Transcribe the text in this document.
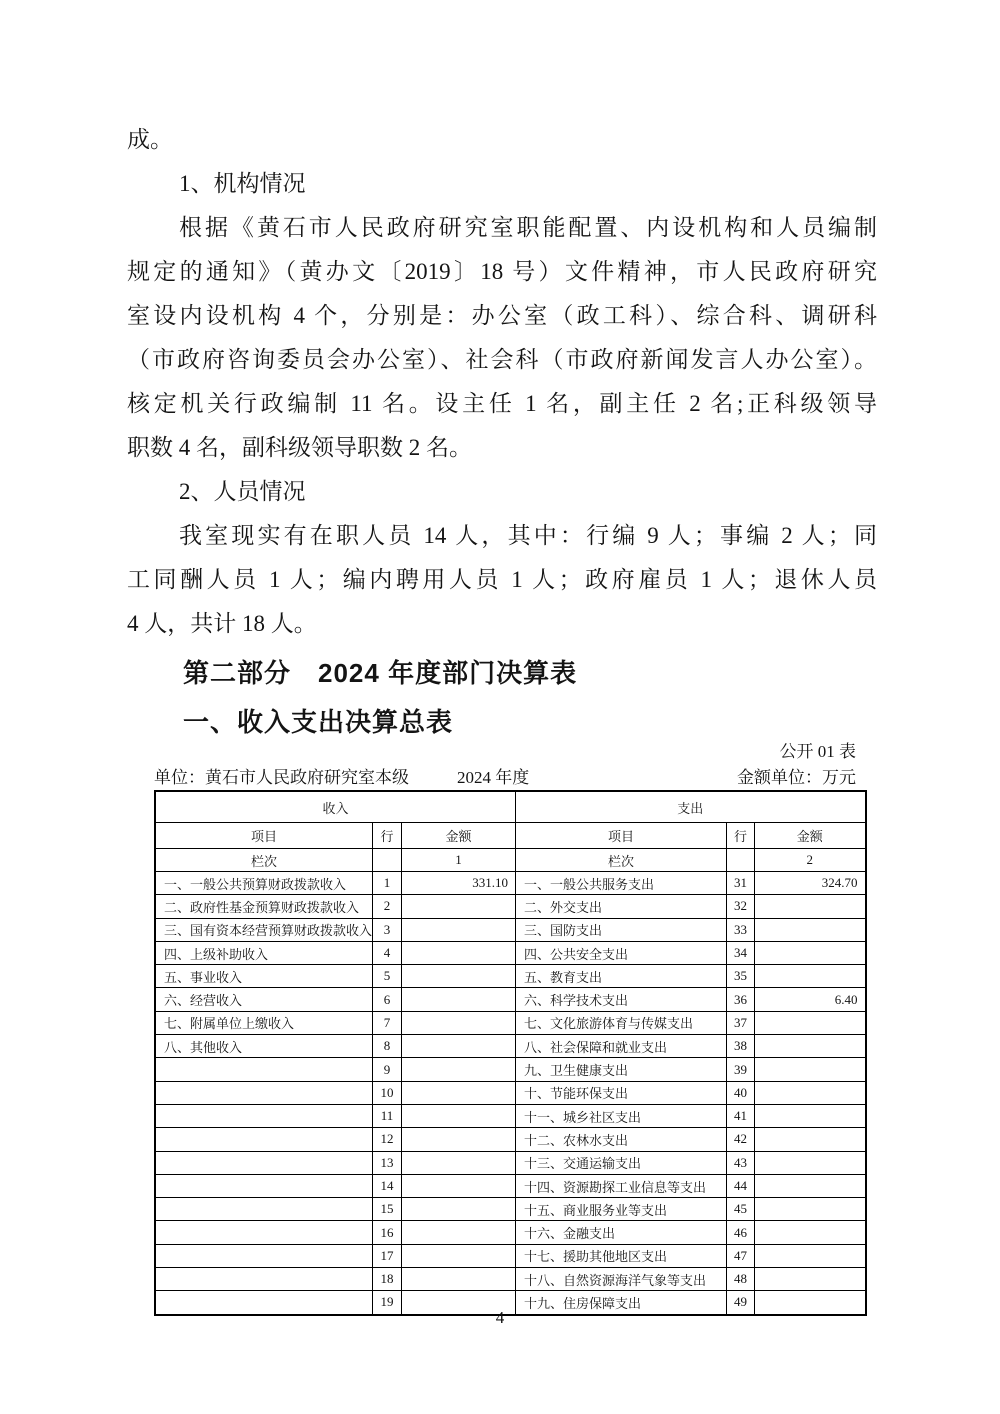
成。
1、机构情况
根据《黄石市人民政府研究室职能配置、内设机构和人员编制
规定的通知》（黄办文〔2019〕18 号）文件精神，市人民政府研究
室设内设机构 4 个，分别是：办公室（政工科）、综合科、调研科
（市政府咨询委员会办公室）、社会科（市政府新闻发言人办公室）。
核定机关行政编制 11 名。设主任 1 名，副主任 2 名;正科级领导
职数 4 名，副科级领导职数 2 名。
2、人员情况
我室现实有在职人员 14 人，其中：行编 9 人；事编 2 人；同
工同酬人员 1 人；编内聘用人员 1 人；政府雇员 1 人；退休人员
4 人，共计 18 人。
第二部分　2024 年度部门决算表
一、收入支出决算总表
公开 01 表
单位：黄石市人民政府研究室本级	2024 年度	金额单位：万元
收入			支出		
项目	行	金额	项目	行	金额
栏次		1	栏次		2
一、一般公共预算财政拨款收入	1	331.10	一、一般公共服务支出	31	324.70
二、政府性基金预算财政拨款收入	2		二、外交支出	32	
三、国有资本经营预算财政拨款收入	3		三、国防支出	33	
四、上级补助收入	4		四、公共安全支出	34	
五、事业收入	5		五、教育支出	35	
六、经营收入	6		六、科学技术支出	36	6.40
七、附属单位上缴收入	7		七、文化旅游体育与传媒支出	37	
八、其他收入	8		八、社会保障和就业支出	38	
	9		九、卫生健康支出	39	
	10		十、节能环保支出	40	
	11		十一、城乡社区支出	41	
	12		十二、农林水支出	42	
	13		十三、交通运输支出	43	
	14		十四、资源勘探工业信息等支出	44	
	15		十五、商业服务业等支出	45	
	16		十六、金融支出	46	
	17		十七、援助其他地区支出	47	
	18		十八、自然资源海洋气象等支出	48	
	19		十九、住房保障支出	49	
4
